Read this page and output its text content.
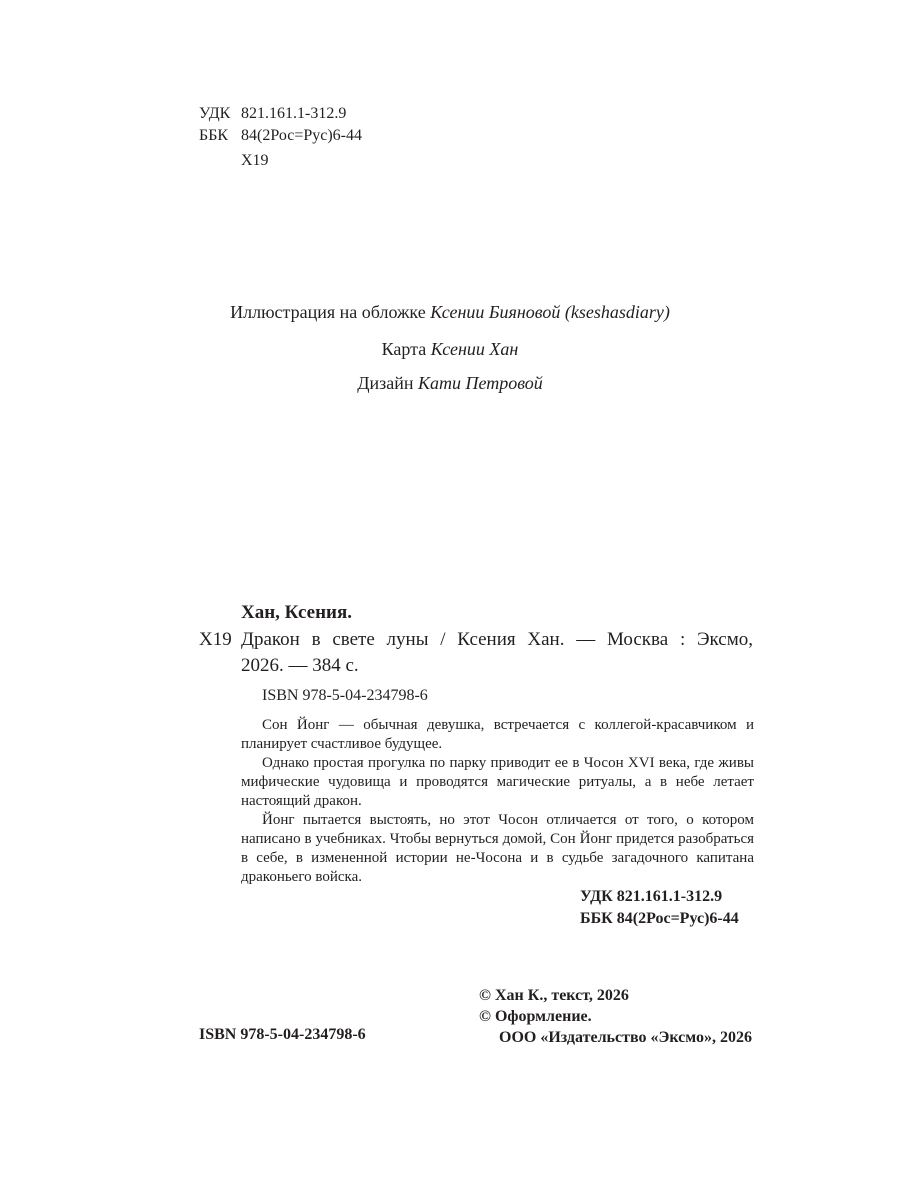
УДК 821.161.1-312.9
ББК 84(2Рос=Рус)6-44
Х19
Иллюстрация на обложке Ксении Бияновой (kseshasdiary)
Карта Ксении Хан
Дизайн Кати Петровой
Хан, Ксения.
Х19 Дракон в свете луны / Ксения Хан. — Москва : Эксмо,
2026. — 384 с.
ISBN 978-5-04-234798-6

Сон Йонг — обычная девушка, встречается с коллегой-красавчиком и планирует счастливое будущее.

Однако простая прогулка по парку приводит ее в Чосон XVI века, где живы мифические чудовища и проводятся магические ритуалы, а в небе летает настоящий дракон.

Йонг пытается выстоять, но этот Чосон отличается от того, о котором написано в учебниках. Чтобы вернуться домой, Сон Йонг придется разобраться в себе, в измененной истории не-Чосона и в судьбе загадочного капитана драконьего войска.

УДК 821.161.1-312.9
ББК 84(2Рос=Рус)6-44
© Хан К., текст, 2026
© Оформление.
ООО «Издательство «Эксмо», 2026
ISBN 978-5-04-234798-6
